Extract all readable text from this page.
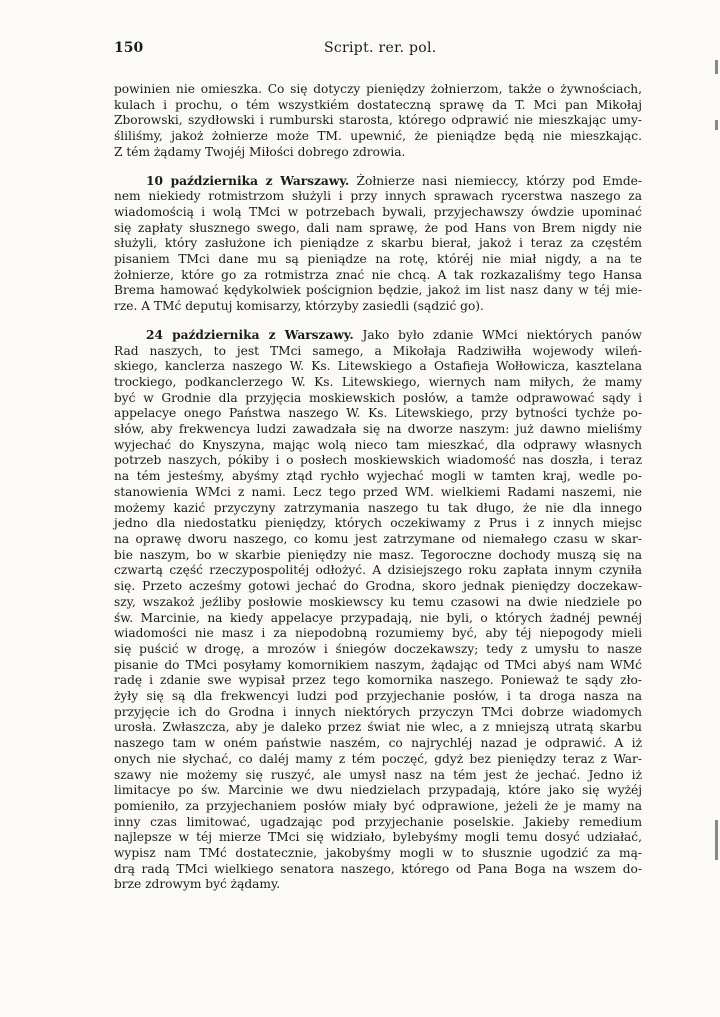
150	Script. rer. pol.
powinien nie omieszka. Co się dotyczy pieniędzy żołnierzom, także o żywnościach,
kulach i prochu, o tém wszystkiém dostateczną sprawę da T. Mci pan Mikołaj
Zborowski, szydłowski i rumburski starosta, którego odprawić nie mieszkając umy-
śliliśmy, jakoż żołnierze może TM. upewnić, że pieniądze będą nie mieszkając.
Z tém żądamy Twojéj Miłości dobrego zdrowia.
10 października z Warszawy. Żołnierze nasi niemieccy, którzy pod Emde-
nem niekiedy rotmistrzom służyli i przy innych sprawach rycerstwa naszego za
wiadomością i wolą TMci w potrzebach bywali, przyjechawszy ówdzie upominać
się zapłaty słusznego swego, dali nam sprawę, że pod Hans von Brem nigdy nie
służyli, który zasłużone ich pieniądze z skarbu bierał, jakoż i teraz za częstém
pisaniem TMci dane mu są pieniądze na rotę, któréj nie miał nigdy, a na te
żołnierze, które go za rotmistrza znać nie chcą. A tak rozkazaliśmy tego Hansa
Brema hamować kędykolwiek poścignion będzie, jakoż im list nasz dany w téj mie-
rze. A TMć deputuj komisarzy, którzyby zasiedli (sądzić go).
24 października z Warszawy. Jako było zdanie WMci niektórych panów
Rad naszych, to jest TMci samego, a Mikołaja Radziwiłła wojewody wileń-
skiego, kanclerza naszego W. Ks. Litewskiego a Ostafieja Wołłowicza, kasztelana
trockiego, podkanclerzego W. Ks. Litewskiego, wiernych nam miłych, że mamy
być w Grodnie dla przyjęcia moskiewskich posłów, a tamże odprawować sądy i
appelacye onego Państwa naszego W. Ks. Litewskiego, przy bytności tychże po-
słów, aby frekwencya ludzi zawadzała się na dworze naszym: już dawno mieliśmy
wyjechać do Knyszyna, mając wolą nieco tam mieszkać, dla odprawy własnych
potrzeb naszych, pókiby i o posłech moskiewskich wiadomość nas doszła, i teraz
na tém jesteśmy, abyśmy ztąd rychło wyjechać mogli w tamten kraj, wedle po-
stanowienia WMci z nami. Lecz tego przed WM. wielkiemi Radami naszemi, nie
możemy kazić przyczyny zatrzymania naszego tu tak długo, że nie dla innego
jedno dla niedostatku pieniędzy, których oczekiwamy z Prus i z innych miejsc
na oprawę dworu naszego, co komu jest zatrzymane od niemałego czasu w skar-
bie naszym, bo w skarbie pieniędzy nie masz. Tegoroczne dochody muszą się na
czwartą część rzeczypospolitéj odłożyć. A dzisiejszego roku zapłata innym czyniła
się. Przeto acześmy gotowi jechać do Grodna, skoro jednak pieniędzy doczekaw-
szy, wszakoż jeźliby posłowie moskiewscy ku temu czasowi na dwie niedziele po
św. Marcinie, na kiedy appelacye przypadają, nie byli, o których żadnéj pewnéj
wiadomości nie masz i za niepodobną rozumiemy być, aby téj niepogody mieli
się puścić w drogę, a mrozów i śniegów doczekawszy; tedy z umysłu to nasze
pisanie do TMci posyłamy komornikiem naszym, żądając od TMci abyś nam WMć
radę i zdanie swe wypisał przez tego komornika naszego. Ponieważ te sądy zło-
żyły się są dla frekwencyi ludzi pod przyjechanie posłów, i ta droga nasza na
przyjęcie ich do Grodna i innych niektórych przyczyn TMci dobrze wiadomych
urosła. Zwłaszcza, aby je daleko przez świat nie wlec, a z mniejszą utratą skarbu
naszego tam w oném państwie naszém, co najrychléj nazad je odprawić. A iż
onych nie słychać, co daléj mamy z tém poczęć, gdyż bez pieniędzy teraz z War-
szawy nie możemy się ruszyć, ale umysł nasz na tém jest że jechać. Jedno iż
limitacye po św. Marcinie we dwu niedzielach przypadają, które jako się wyżéj
pomieniło, za przyjechaniem posłów miały być odprawione, jeżeli że je mamy na
inny czas limitować, ugadzając pod przyjechanie poselskie. Jakieby remedium
najlepsze w téj mierze TMci się widziało, bylebyśmy mogli temu dosyć udziałać,
wypisz nam TMć dostatecznie, jakobyśmy mogli w to słusznie ugodzić za mą-
drą radą TMci wielkiego senatora naszego, którego od Pana Boga na wszem do-
brze zdrowym być żądamy.
